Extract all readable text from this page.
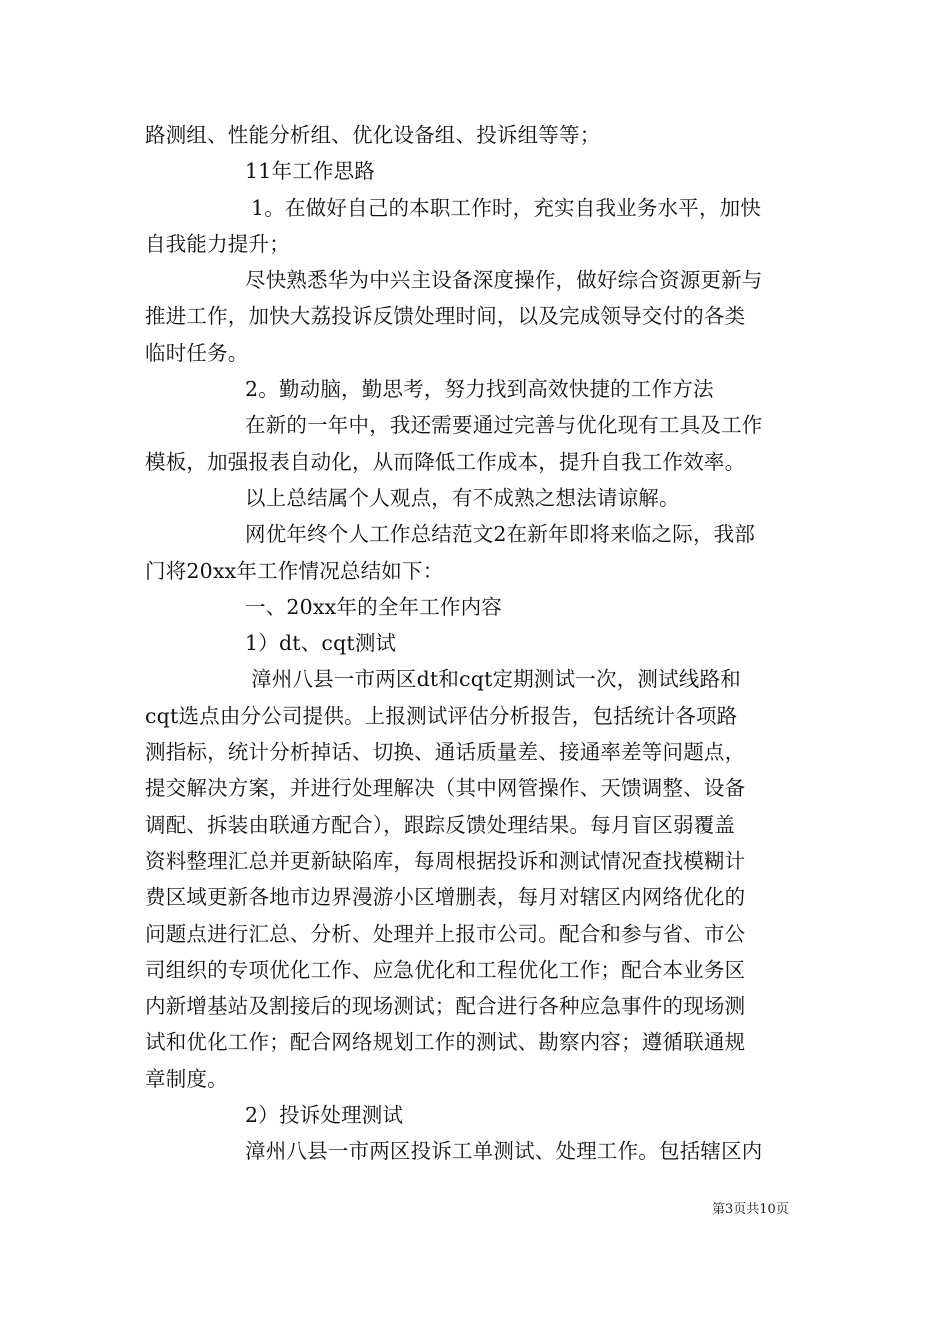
路测组、性能分析组、优化设备组、投诉组等等；
11年工作思路
1。在做好自己的本职工作时，充实自我业务水平，加快
自我能力提升；
尽快熟悉华为中兴主设备深度操作，做好综合资源更新与
推进工作，加快大荔投诉反馈处理时间，以及完成领导交付的各类
临时任务。
2。勤动脑，勤思考，努力找到高效快捷的工作方法
在新的一年中，我还需要通过完善与优化现有工具及工作
模板，加强报表自动化，从而降低工作成本，提升自我工作效率。
以上总结属个人观点，有不成熟之想法请谅解。
网优年终个人工作总结范文2在新年即将来临之际，我部
门将20xx年工作情况总结如下：
一、20xx年的全年工作内容
1）dt、cqt测试
漳州八县一市两区dt和cqt定期测试一次，测试线路和
cqt选点由分公司提供。上报测试评估分析报告，包括统计各项路
测指标，统计分析掉话、切换、通话质量差、接通率差等问题点，
提交解决方案，并进行处理解决（其中网管操作、天馈调整、设备
调配、拆装由联通方配合），跟踪反馈处理结果。每月盲区弱覆盖
资料整理汇总并更新缺陷库，每周根据投诉和测试情况查找模糊计
费区域更新各地市边界漫游小区增删表，每月对辖区内网络优化的
问题点进行汇总、分析、处理并上报市公司。配合和参与省、市公
司组织的专项优化工作、应急优化和工程优化工作；配合本业务区
内新增基站及割接后的现场测试；配合进行各种应急事件的现场测
试和优化工作；配合网络规划工作的测试、勘察内容；遵循联通规
章制度。
2）投诉处理测试
漳州八县一市两区投诉工单测试、处理工作。包括辖区内
第3页共10页
